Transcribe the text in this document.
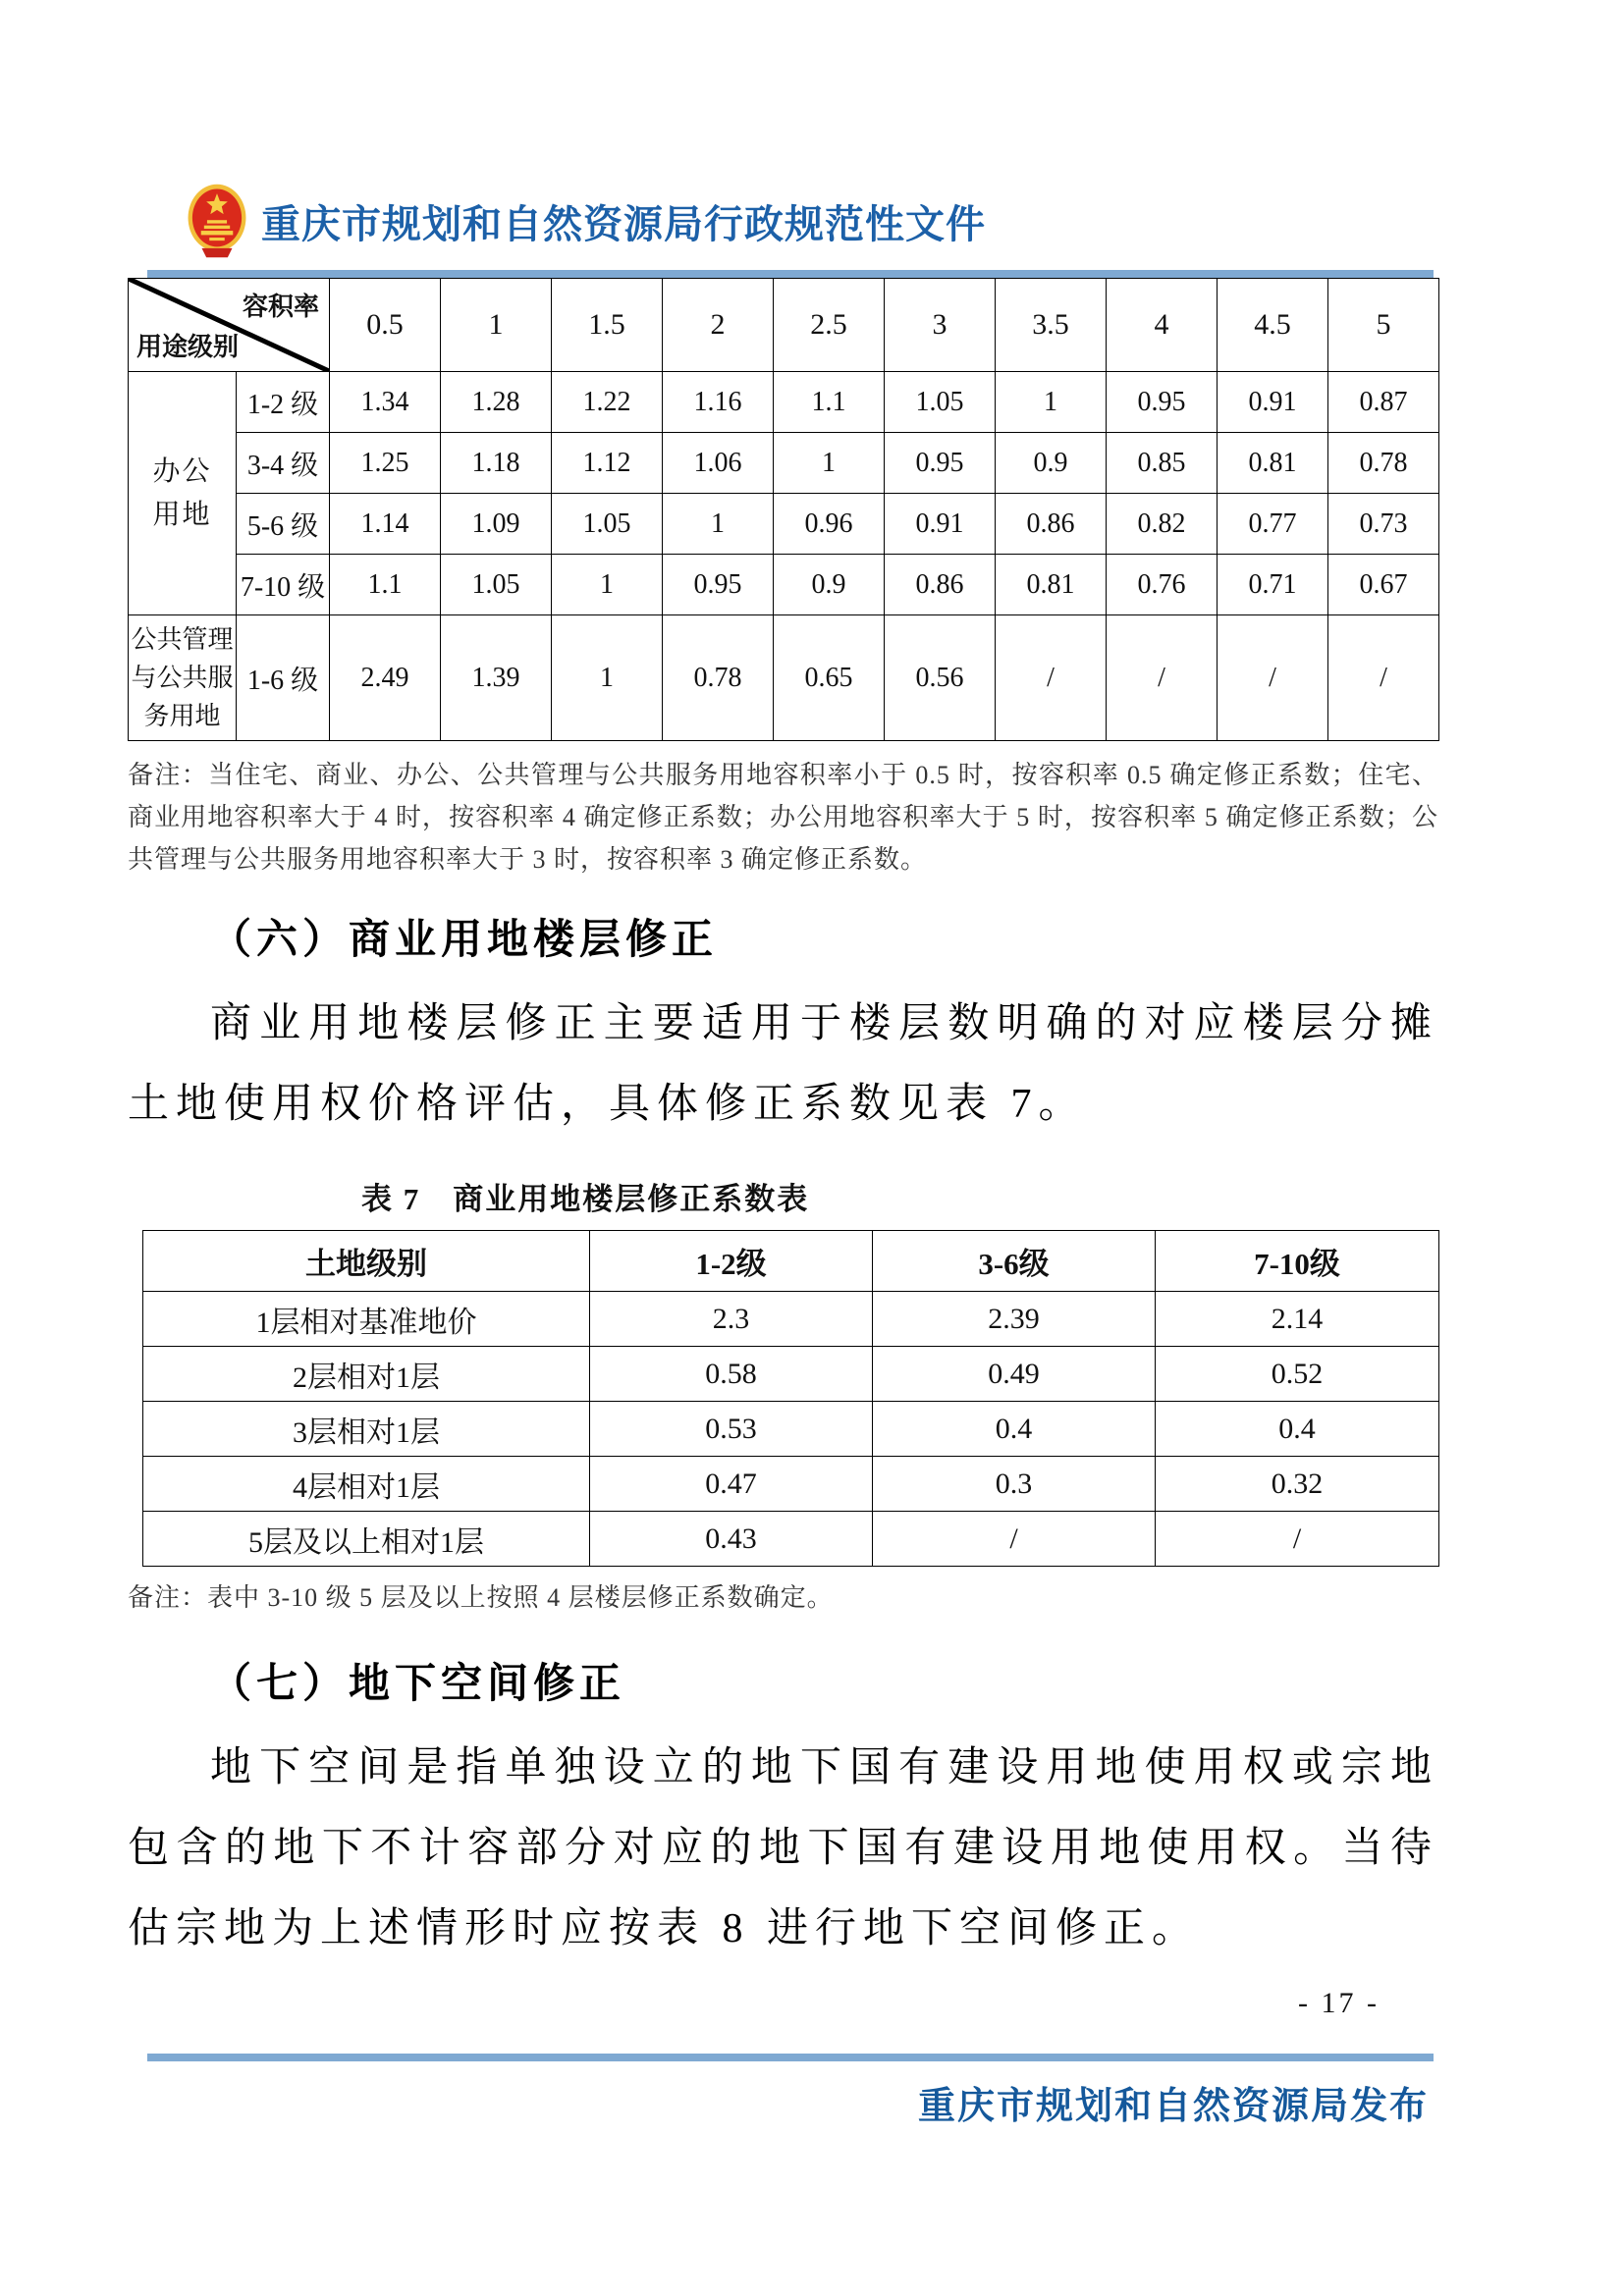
重庆市规划和自然资源局行政规范性文件
容积率
用途级别		0.5	1	1.5	2	2.5	3	3.5	4	4.5	5

办公
用地	1-2 级	1.34	1.28	1.22	1.16	1.1	1.05	1	0.95	0.91	0.87
	3-4 级	1.25	1.18	1.12	1.06	1	0.95	0.9	0.85	0.81	0.78
	5-6 级	1.14	1.09	1.05	1	0.96	0.91	0.86	0.82	0.77	0.73
	7-10 级	1.1	1.05	1	0.95	0.9	0.86	0.81	0.76	0.71	0.67

公共管理
与公共服
务用地	1-6 级	2.49	1.39	1	0.78	0.65	0.56	/	/	/	/
备注：当住宅、商业、办公、公共管理与公共服务用地容积率小于 0.5 时，按容积率 0.5 确定修正系数；住宅、商业用地容积率大于 4 时，按容积率 4 确定修正系数；办公用地容积率大于 5 时，按容积率 5 确定修正系数；公共管理与公共服务用地容积率大于 3 时，按容积率 3 确定修正系数。
（六）商业用地楼层修正
商业用地楼层修正主要适用于楼层数明确的对应楼层分摊土地使用权价格评估，具体修正系数见表 7。
表 7　商业用地楼层修正系数表
土地级别	1-2级	3-6级	7-10级
1层相对基准地价	2.3	2.39	2.14
2层相对1层	0.58	0.49	0.52
3层相对1层	0.53	0.4	0.4
4层相对1层	0.47	0.3	0.32
5层及以上相对1层	0.43	/	/
备注：表中 3-10 级 5 层及以上按照 4 层楼层修正系数确定。
（七）地下空间修正
地下空间是指单独设立的地下国有建设用地使用权或宗地包含的地下不计容部分对应的地下国有建设用地使用权。当待估宗地为上述情形时应按表 8 进行地下空间修正。
- 17 -
重庆市规划和自然资源局发布
